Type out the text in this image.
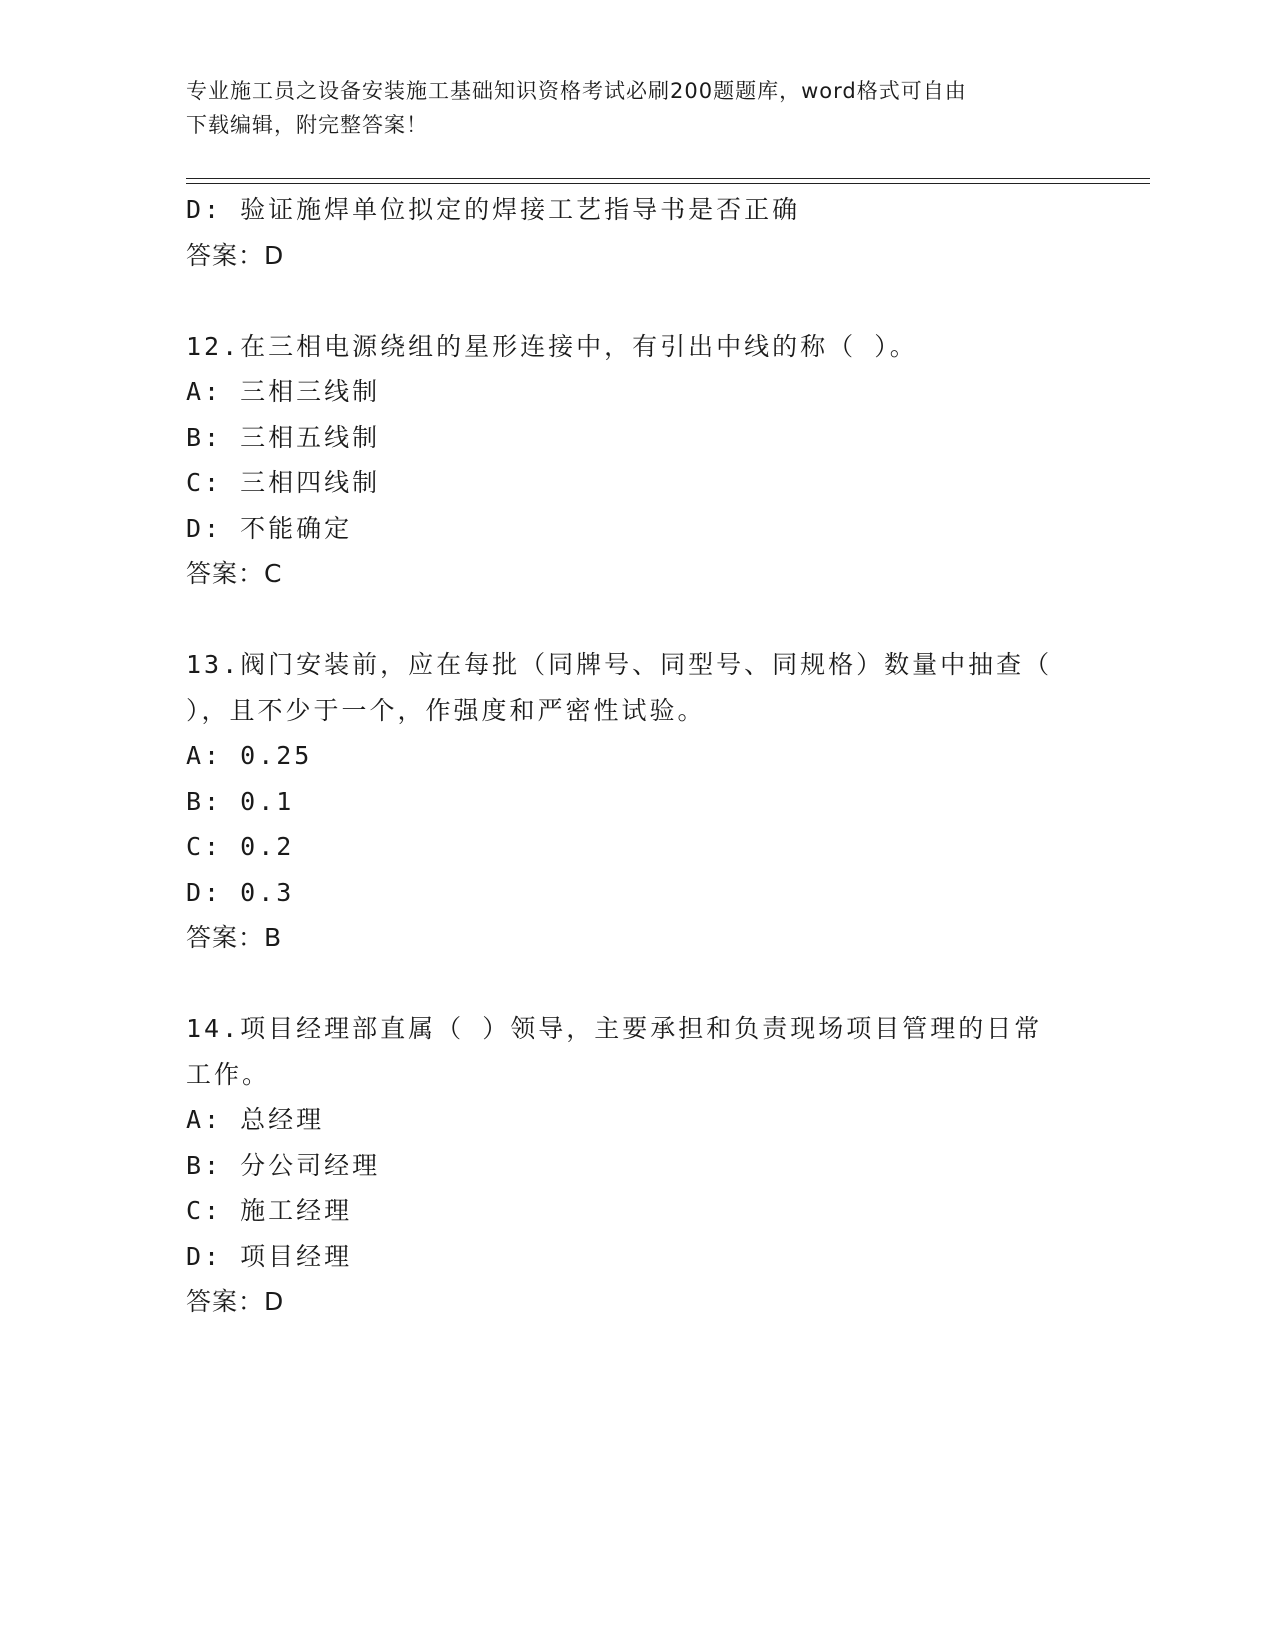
专业施工员之设备安装施工基础知识资格考试必刷200题题库，word格式可自由
下载编辑，附完整答案！
D: 验证施焊单位拟定的焊接工艺指导书是否正确
答案：D
12.在三相电源绕组的星形连接中，有引出中线的称（ ）。
A: 三相三线制
B: 三相五线制
C: 三相四线制
D: 不能确定
答案：C
13.阀门安装前，应在每批（同牌号、同型号、同规格）数量中抽查（
），且不少于一个，作强度和严密性试验。
A: 0.25
B: 0.1
C: 0.2
D: 0.3
答案：B
14.项目经理部直属（ ）领导，主要承担和负责现场项目管理的日常
工作。
A: 总经理
B: 分公司经理
C: 施工经理
D: 项目经理
答案：D
